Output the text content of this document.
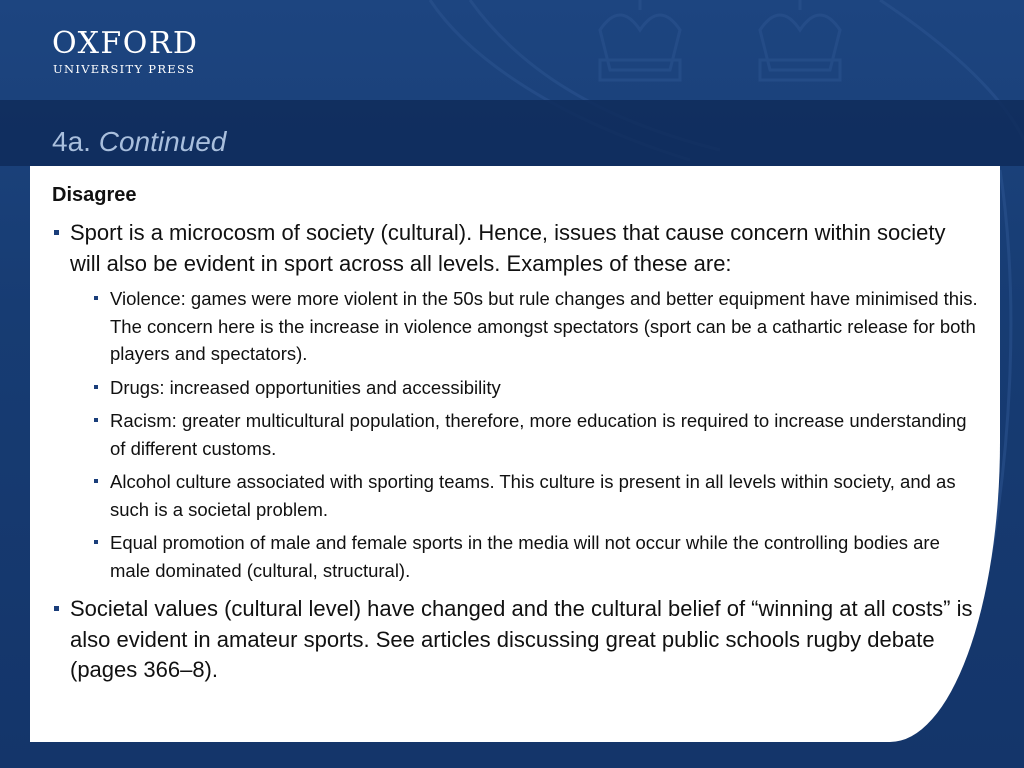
OXFORD
UNIVERSITY PRESS
4a. Continued
Disagree
Sport is a microcosm of society (cultural). Hence, issues that cause concern within society will also be evident in sport across all levels. Examples of these are:
Violence: games were more violent in the 50s but rule changes and better equipment have minimised this. The concern here is the increase in violence amongst spectators (sport can be a cathartic release for both players and spectators).
Drugs: increased opportunities and accessibility
Racism: greater multicultural population, therefore, more education is required to increase understanding of different customs.
Alcohol culture associated with sporting teams. This culture is present in all levels within society, and as such is a societal problem.
Equal promotion of male and female sports in the media will not occur while the controlling bodies are male dominated (cultural, structural).
Societal values (cultural level) have changed and the cultural belief of “winning at all costs” is also evident in amateur sports. See articles discussing great public schools rugby debate (pages 366–8).
